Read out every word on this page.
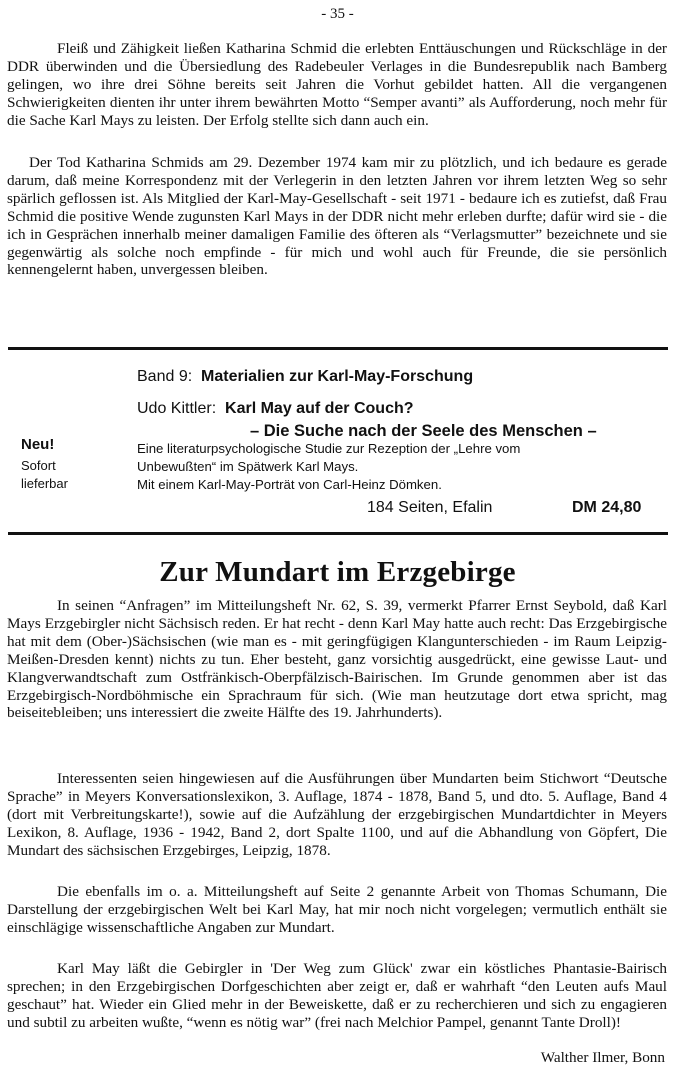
- 35 -

Fleiß und Zähigkeit ließen Katharina Schmid die erlebten Enttäuschungen und Rückschläge in der DDR überwinden und die Übersiedlung des Radebeuler Verlages in die Bundesrepublik nach Bamberg gelingen, wo ihre drei Söhne bereits seit Jahren die Vorhut gebildet hatten. All die vergangenen Schwierigkeiten dienten ihr unter ihrem bewährten Motto “Semper avanti” als Aufforderung, noch mehr für die Sache Karl Mays zu leisten. Der Erfolg stellte sich dann auch ein.

Der Tod Katharina Schmids am 29. Dezember 1974 kam mir zu plötzlich, und ich bedaure es gerade darum, daß meine Korrespondenz mit der Verlegerin in den letzten Jahren vor ihrem letzten Weg so sehr spärlich geflossen ist. Als Mitglied der Karl-May-Gesellschaft - seit 1971 - bedaure ich es zutiefst, daß Frau Schmid die positive Wende zugunsten Karl Mays in der DDR nicht mehr erleben durfte; dafür wird sie - die ich in Gesprächen innerhalb meiner damaligen Familie des öfteren als “Verlagsmutter” bezeichnete und sie gegenwärtig als solche noch empfinde - für mich und wohl auch für Freunde, die sie persönlich kennengelernt haben, unvergessen bleiben.

Band 9: Materialien zur Karl-May-Forschung
Udo Kittler: Karl May auf der Couch?
– Die Suche nach der Seele des Menschen –
Neu!
Sofort
lieferbar
Eine literaturpsychologische Studie zur Rezeption der „Lehre vom
Unbewußten“ im Spätwerk Karl Mays.
Mit einem Karl-May-Porträt von Carl-Heinz Dömken.
184 Seiten, Efalin	DM 24,80
Zur Mundart im Erzgebirge

In seinen “Anfragen” im Mitteilungsheft Nr. 62, S. 39, vermerkt Pfarrer Ernst Seybold, daß Karl Mays Erzgebirgler nicht Sächsisch reden. Er hat recht - denn Karl May hatte auch recht: Das Erzgebirgische hat mit dem (Ober-)Sächsischen (wie man es - mit geringfügigen Klangunterschieden - im Raum Leipzig-Meißen-Dresden kennt) nichts zu tun. Eher besteht, ganz vorsichtig ausgedrückt, eine gewisse Laut- und Klangverwandtschaft zum Ostfränkisch-Oberpfälzisch-Bairischen. Im Grunde genommen aber ist das Erzgebirgisch-Nordböhmische ein Sprachraum für sich. (Wie man heutzutage dort etwa spricht, mag beiseitebleiben; uns interessiert die zweite Hälfte des 19. Jahrhunderts).

Interessenten seien hingewiesen auf die Ausführungen über Mundarten beim Stichwort “Deutsche Sprache” in Meyers Konversationslexikon, 3. Auflage, 1874 - 1878, Band 5, und dto. 5. Auflage, Band 4 (dort mit Verbreitungskarte!), sowie auf die Aufzählung der erzgebirgischen Mundartdichter in Meyers Lexikon, 8. Auflage, 1936 - 1942, Band 2, dort Spalte 1100, und auf die Abhandlung von Göpfert, Die Mundart des sächsischen Erzgebirges, Leipzig, 1878.

Die ebenfalls im o. a. Mitteilungsheft auf Seite 2 genannte Arbeit von Thomas Schumann, Die Darstellung der erzgebirgischen Welt bei Karl May, hat mir noch nicht vorgelegen; vermutlich enthält sie einschlägige wissenschaftliche Angaben zur Mundart.

Karl May läßt die Gebirgler in 'Der Weg zum Glück' zwar ein köstliches Phantasie-Bairisch sprechen; in den Erzgebirgischen Dorfgeschichten aber zeigt er, daß er wahrhaft “den Leuten aufs Maul geschaut” hat. Wieder ein Glied mehr in der Beweiskette, daß er zu recherchieren und sich zu engagieren und subtil zu arbeiten wußte, “wenn es nötig war” (frei nach Melchior Pampel, genannt Tante Droll)!

Walther Ilmer, Bonn
